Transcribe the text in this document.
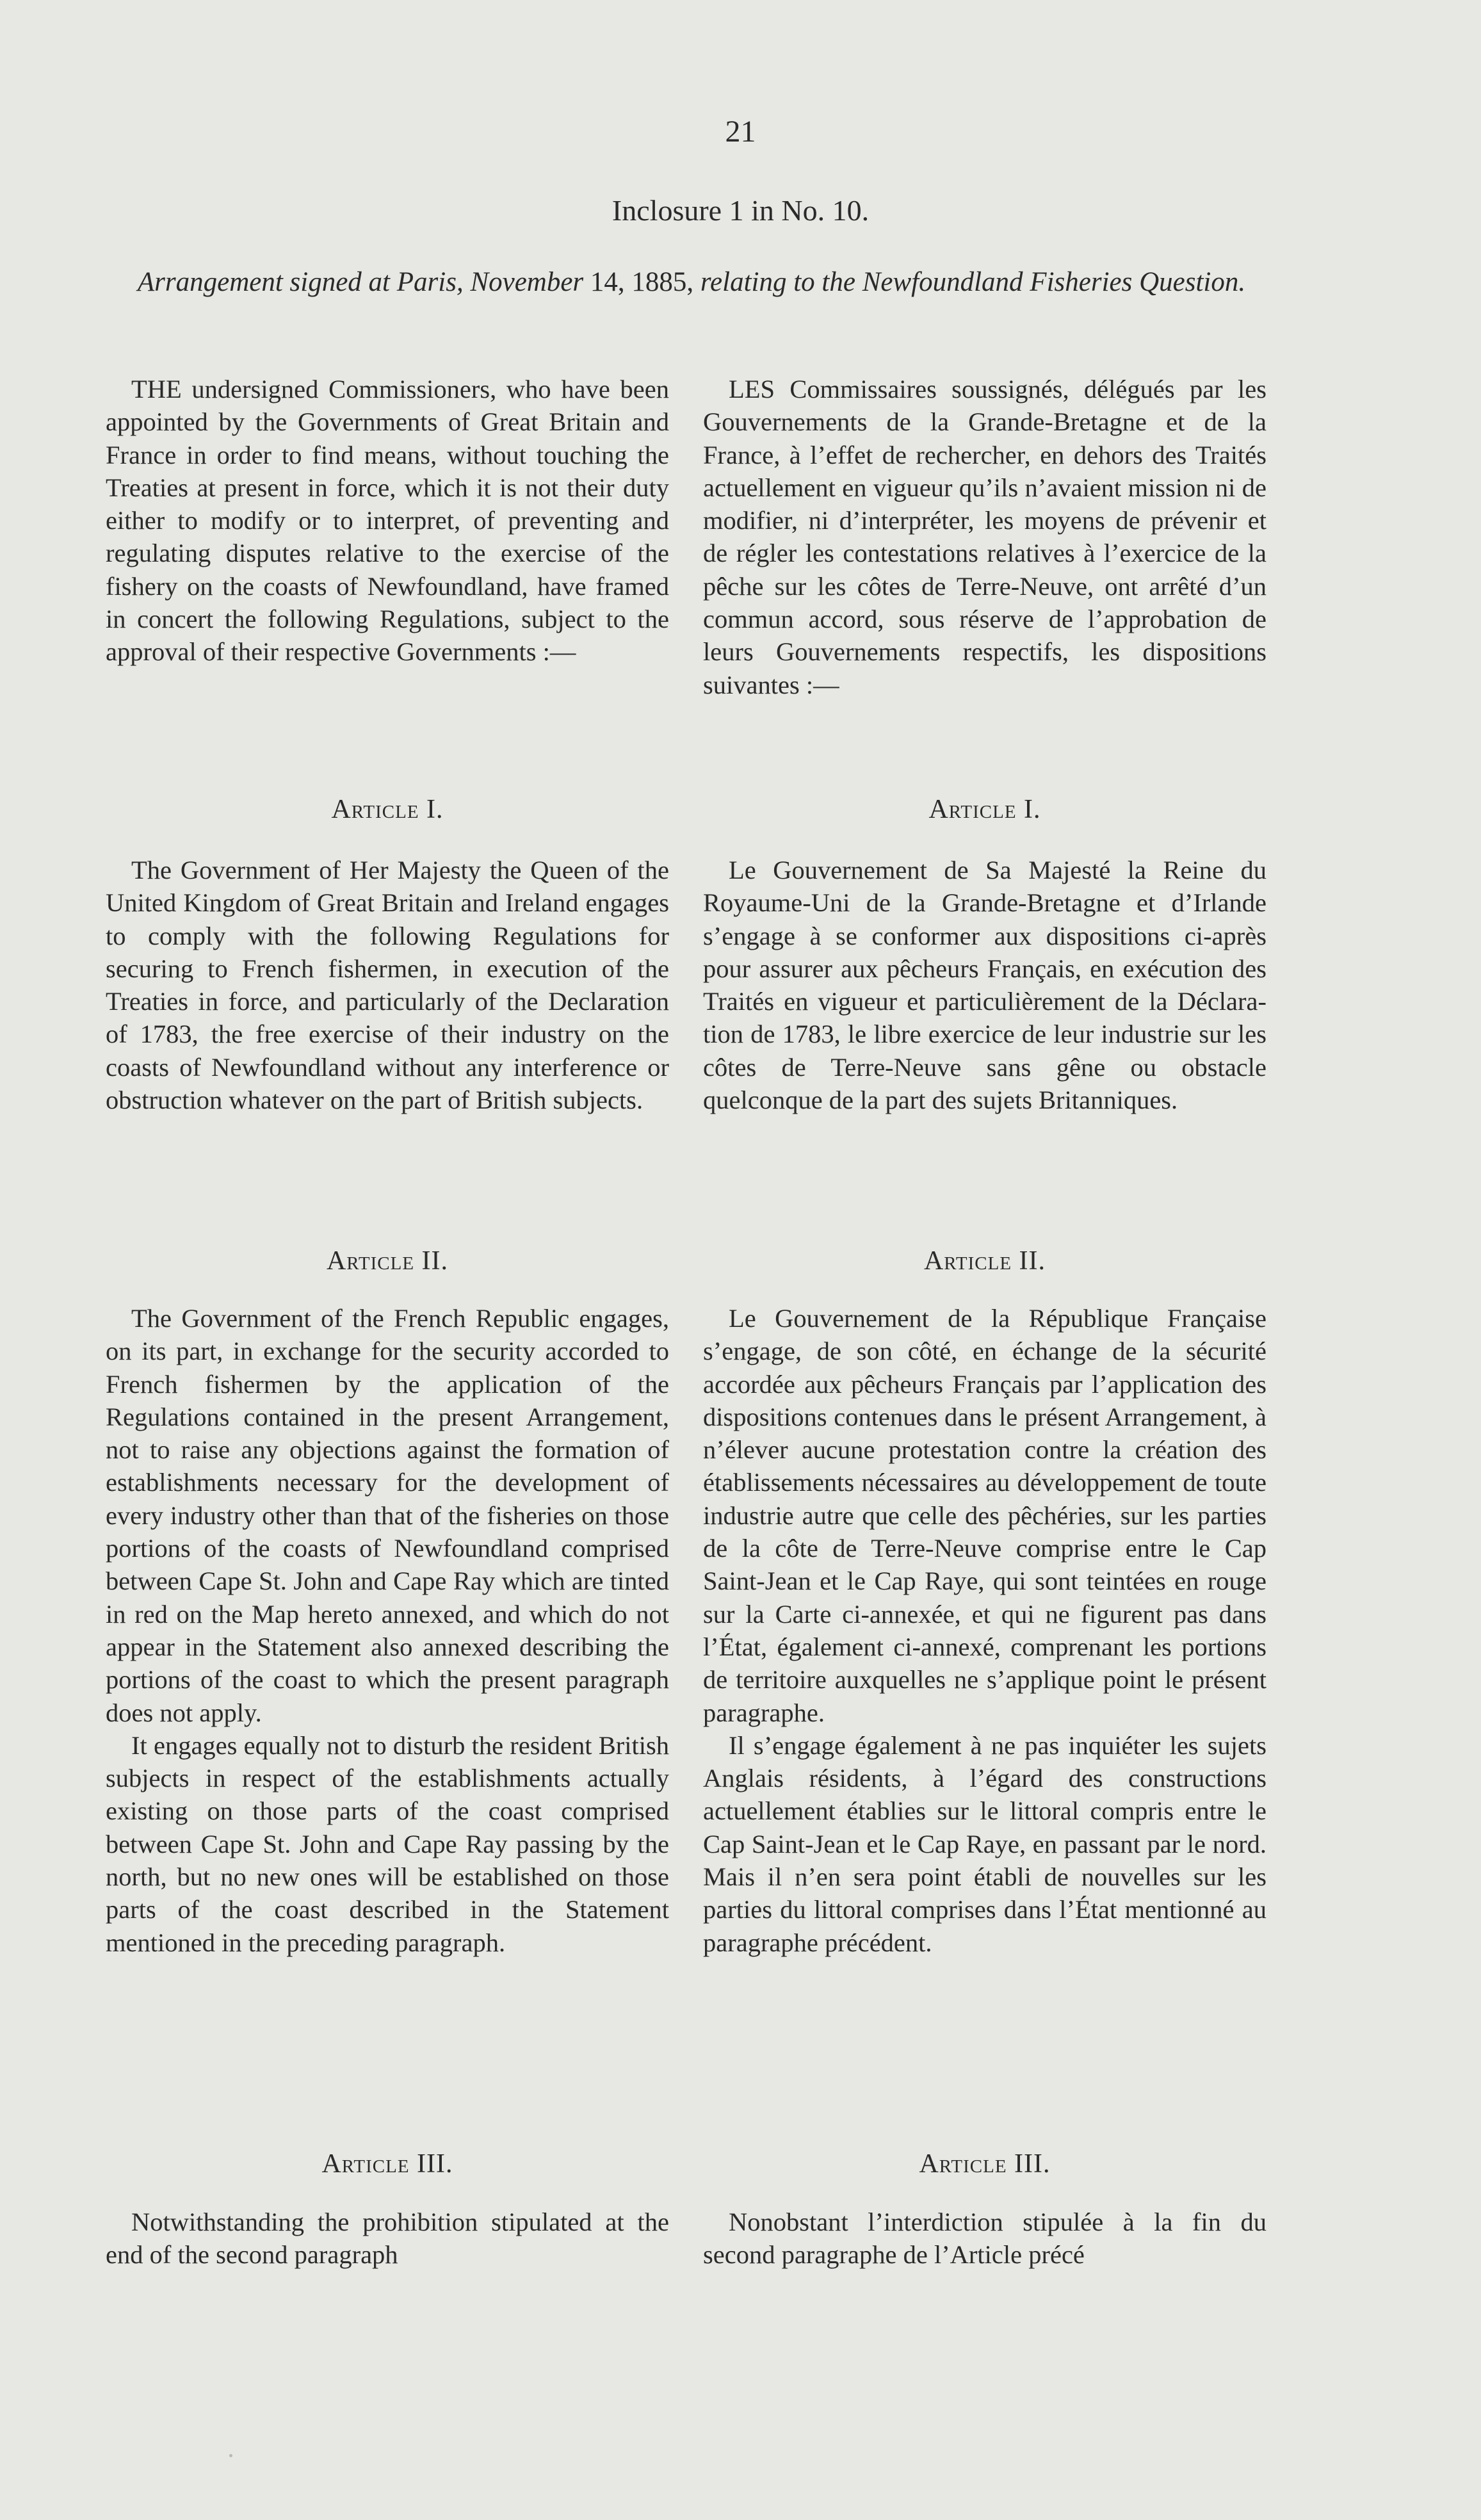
21
Inclosure 1 in No. 10.
Arrangement signed at Paris, November 14, 1885, relating to the Newfoundland Fisheries Question.

THE undersigned Commissioners, who have been appointed by the Governments of Great Britain and France in order to find means, without touching the Treaties at present in force, which it is not their duty either to modify or to interpret, of preventing and regulating disputes relative to the exercise of the fishery on the coasts of Newfoundland, have framed in concert the following Regulations, subject to the approval of their respective Governments :—

LES Commissaires soussignés, délégués par les Gouvernements de la Grande-Bretagne et de la France, à l’effet de rechercher, en dehors des Traités actuellement en vigueur qu’ils n’avaient mission ni de modifier, ni d’interpréter, les moyens de prévenir et de régler les contestations relatives à l’exercice de la pêche sur les côtes de Terre-Neuve, ont arrêté d’un commun accord, sous réserve de l’approbation de leurs Gouvernements respectifs, les dispositions suivantes :—

Article I.	Article I.

The Government of Her Majesty the Queen of the United Kingdom of Great Britain and Ireland engages to comply with the following Regulations for securing to French fishermen, in execution of the Treaties in force, and particularly of the Declaration of 1783, the free exercise of their industry on the coasts of Newfoundland without any interference or obstruction whatever on the part of British subjects.

Le Gouvernement de Sa Majesté la Reine du Royaume-Uni de la Grande-Bretagne et d’Irlande s’engage à se conformer aux dispositions ci-après pour assurer aux pêcheurs Français, en exécution des Traités en vigueur et particulièrement de la Déclaration de 1783, le libre exercice de leur industrie sur les côtes de Terre-Neuve sans gêne ou obstacle quelconque de la part des sujets Britanniques.

Article II.	Article II.

The Government of the French Republic engages, on its part, in exchange for the security accorded to French fishermen by the application of the Regulations contained in the present Arrangement, not to raise any objections against the formation of establishments necessary for the development of every industry other than that of the fisheries on those portions of the coasts of Newfoundland comprised between Cape St. John and Cape Ray which are tinted in red on the Map hereto annexed, and which do not appear in the Statement also annexed describing the portions of the coast to which the present paragraph does not apply.

It engages equally not to disturb the resident British subjects in respect of the establishments actually existing on those parts of the coast comprised between Cape St. John and Cape Ray passing by the north, but no new ones will be established on those parts of the coast described in the Statement mentioned in the preceding paragraph.

Le Gouvernement de la République Française s’engage, de son côté, en échange de la sécurité accordée aux pêcheurs Français par l’application des dispositions contenues dans le présent Arrangement, à n’élever aucune protestation contre la création des établissements nécessaires au développement de toute industrie autre que celle des pêchéries, sur les parties de la côte de Terre-Neuve comprise entre le Cap Saint-Jean et le Cap Raye, qui sont teintées en rouge sur la Carte ci-annexée, et qui ne figurent pas dans l’État, également ci-annexé, comprenant les portions de territoire auxquelles ne s’applique point le présent paragraphe.

Il s’engage également à ne pas inquiéter les sujets Anglais résidents, à l’égard des constructions actuellement établies sur le littoral compris entre le Cap Saint-Jean et le Cap Raye, en passant par le nord. Mais il n’en sera point établi de nouvelles sur les parties du littoral comprises dans l’État mentionné au paragraphe précédent.

Article III.	Article III.

Notwithstanding the prohibition stipulated at the end of the second paragraph

Nonobstant l’interdiction stipulée à la fin du second paragraphe de l’Article précé
